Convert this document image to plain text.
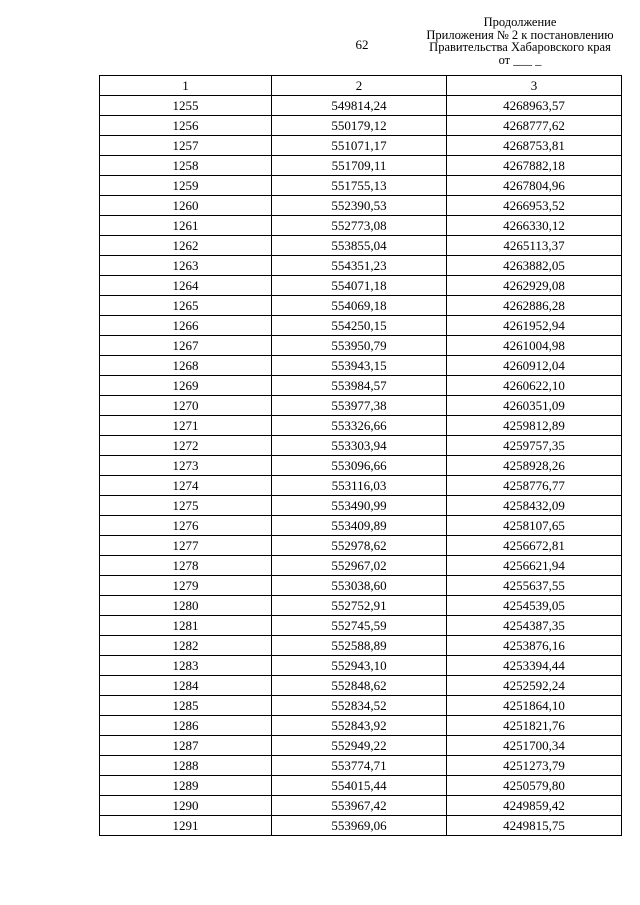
62
Продолжение
Приложения № 2 к постановлению
Правительства Хабаровского края
от ___ _
1	2	3
1255	549814,24	4268963,57
1256	550179,12	4268777,62
1257	551071,17	4268753,81
1258	551709,11	4267882,18
1259	551755,13	4267804,96
1260	552390,53	4266953,52
1261	552773,08	4266330,12
1262	553855,04	4265113,37
1263	554351,23	4263882,05
1264	554071,18	4262929,08
1265	554069,18	4262886,28
1266	554250,15	4261952,94
1267	553950,79	4261004,98
1268	553943,15	4260912,04
1269	553984,57	4260622,10
1270	553977,38	4260351,09
1271	553326,66	4259812,89
1272	553303,94	4259757,35
1273	553096,66	4258928,26
1274	553116,03	4258776,77
1275	553490,99	4258432,09
1276	553409,89	4258107,65
1277	552978,62	4256672,81
1278	552967,02	4256621,94
1279	553038,60	4255637,55
1280	552752,91	4254539,05
1281	552745,59	4254387,35
1282	552588,89	4253876,16
1283	552943,10	4253394,44
1284	552848,62	4252592,24
1285	552834,52	4251864,10
1286	552843,92	4251821,76
1287	552949,22	4251700,34
1288	553774,71	4251273,79
1289	554015,44	4250579,80
1290	553967,42	4249859,42
1291	553969,06	4249815,75
